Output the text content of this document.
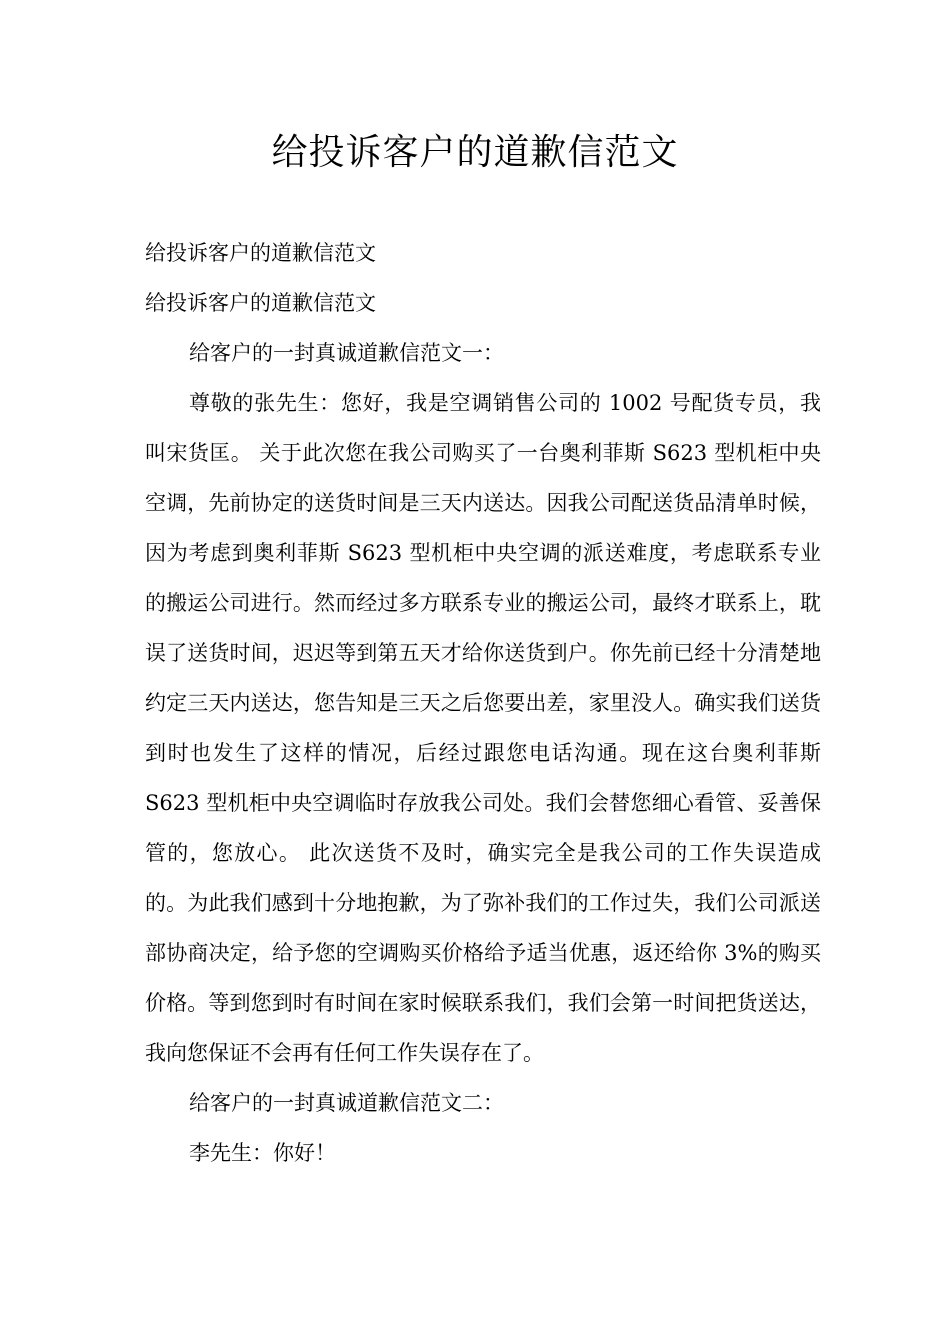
给投诉客户的道歉信范文

给投诉客户的道歉信范文

给投诉客户的道歉信范文

给客户的一封真诚道歉信范文一：

尊敬的张先生：您好，我是空调销售公司的 1002 号配货专员，我叫宋货匡。 关于此次您在我公司购买了一台奥利菲斯 S623 型机柜中央空调，先前协定的送货时间是三天内送达。因我公司配送货品清单时候，因为考虑到奥利菲斯 S623 型机柜中央空调的派送难度，考虑联系专业的搬运公司进行。然而经过多方联系专业的搬运公司，最终才联系上，耽误了送货时间，迟迟等到第五天才给你送货到户。你先前已经十分清楚地约定三天内送达，您告知是三天之后您要出差，家里没人。确实我们送货到时也发生了这样的情况，后经过跟您电话沟通。现在这台奥利菲斯 S623 型机柜中央空调临时存放我公司处。我们会替您细心看管、妥善保管的，您放心。 此次送货不及时，确实完全是我公司的工作失误造成的。为此我们感到十分地抱歉，为了弥补我们的工作过失，我们公司派送部协商决定，给予您的空调购买价格给予适当优惠，返还给你 3%的购买价格。等到您到时有时间在家时候联系我们，我们会第一时间把货送达，我向您保证不会再有任何工作失误存在了。

给客户的一封真诚道歉信范文二：

李先生：你好！
